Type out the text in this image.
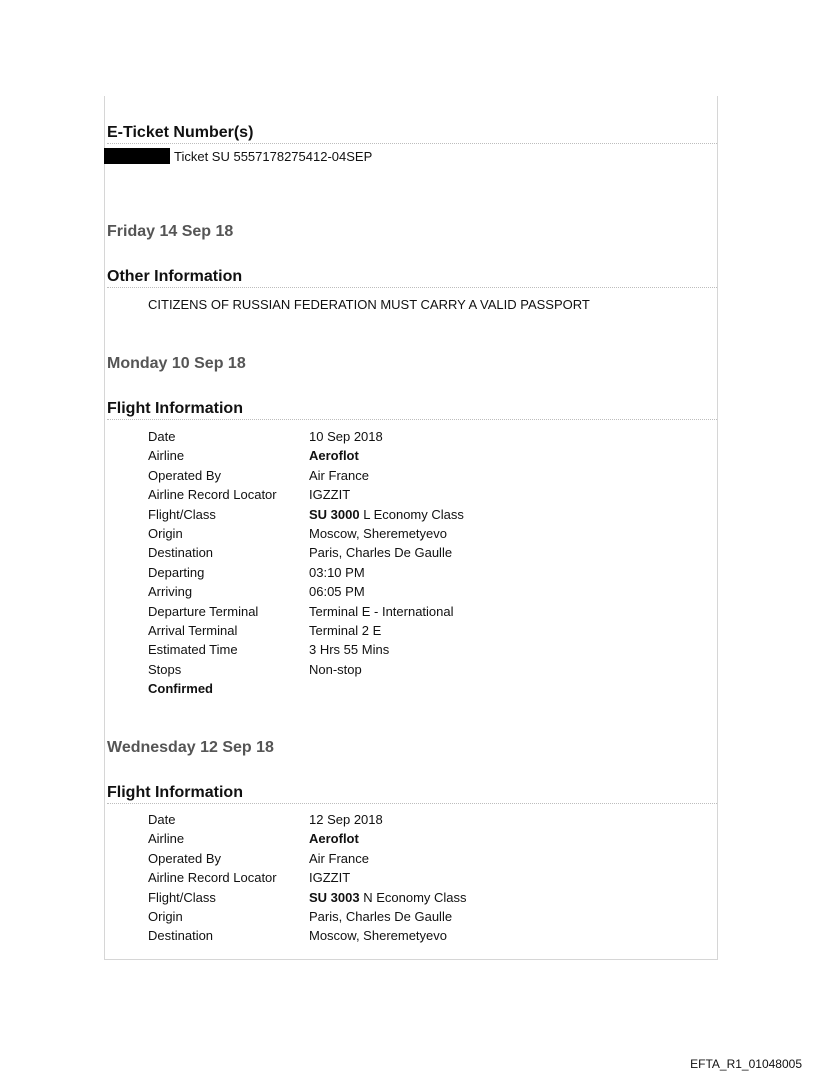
E-Ticket Number(s)
Ticket SU 5557178275412-04SEP
Friday 14 Sep 18
Other Information
CITIZENS OF RUSSIAN FEDERATION MUST CARRY A VALID PASSPORT
Monday 10 Sep 18
Flight Information
Date	10 Sep 2018
Airline	Aeroflot
Operated By	Air France
Airline Record Locator	IGZZIT
Flight/Class	SU 3000 L Economy Class
Origin	Moscow, Sheremetyevo
Destination	Paris, Charles De Gaulle
Departing	03:10 PM
Arriving	06:05 PM
Departure Terminal	Terminal E - International
Arrival Terminal	Terminal 2 E
Estimated Time	3 Hrs 55 Mins
Stops	Non-stop
Confirmed
Wednesday 12 Sep 18
Flight Information
Date	12 Sep 2018
Airline	Aeroflot
Operated By	Air France
Airline Record Locator	IGZZIT
Flight/Class	SU 3003 N Economy Class
Origin	Paris, Charles De Gaulle
Destination	Moscow, Sheremetyevo
EFTA_R1_01048005
